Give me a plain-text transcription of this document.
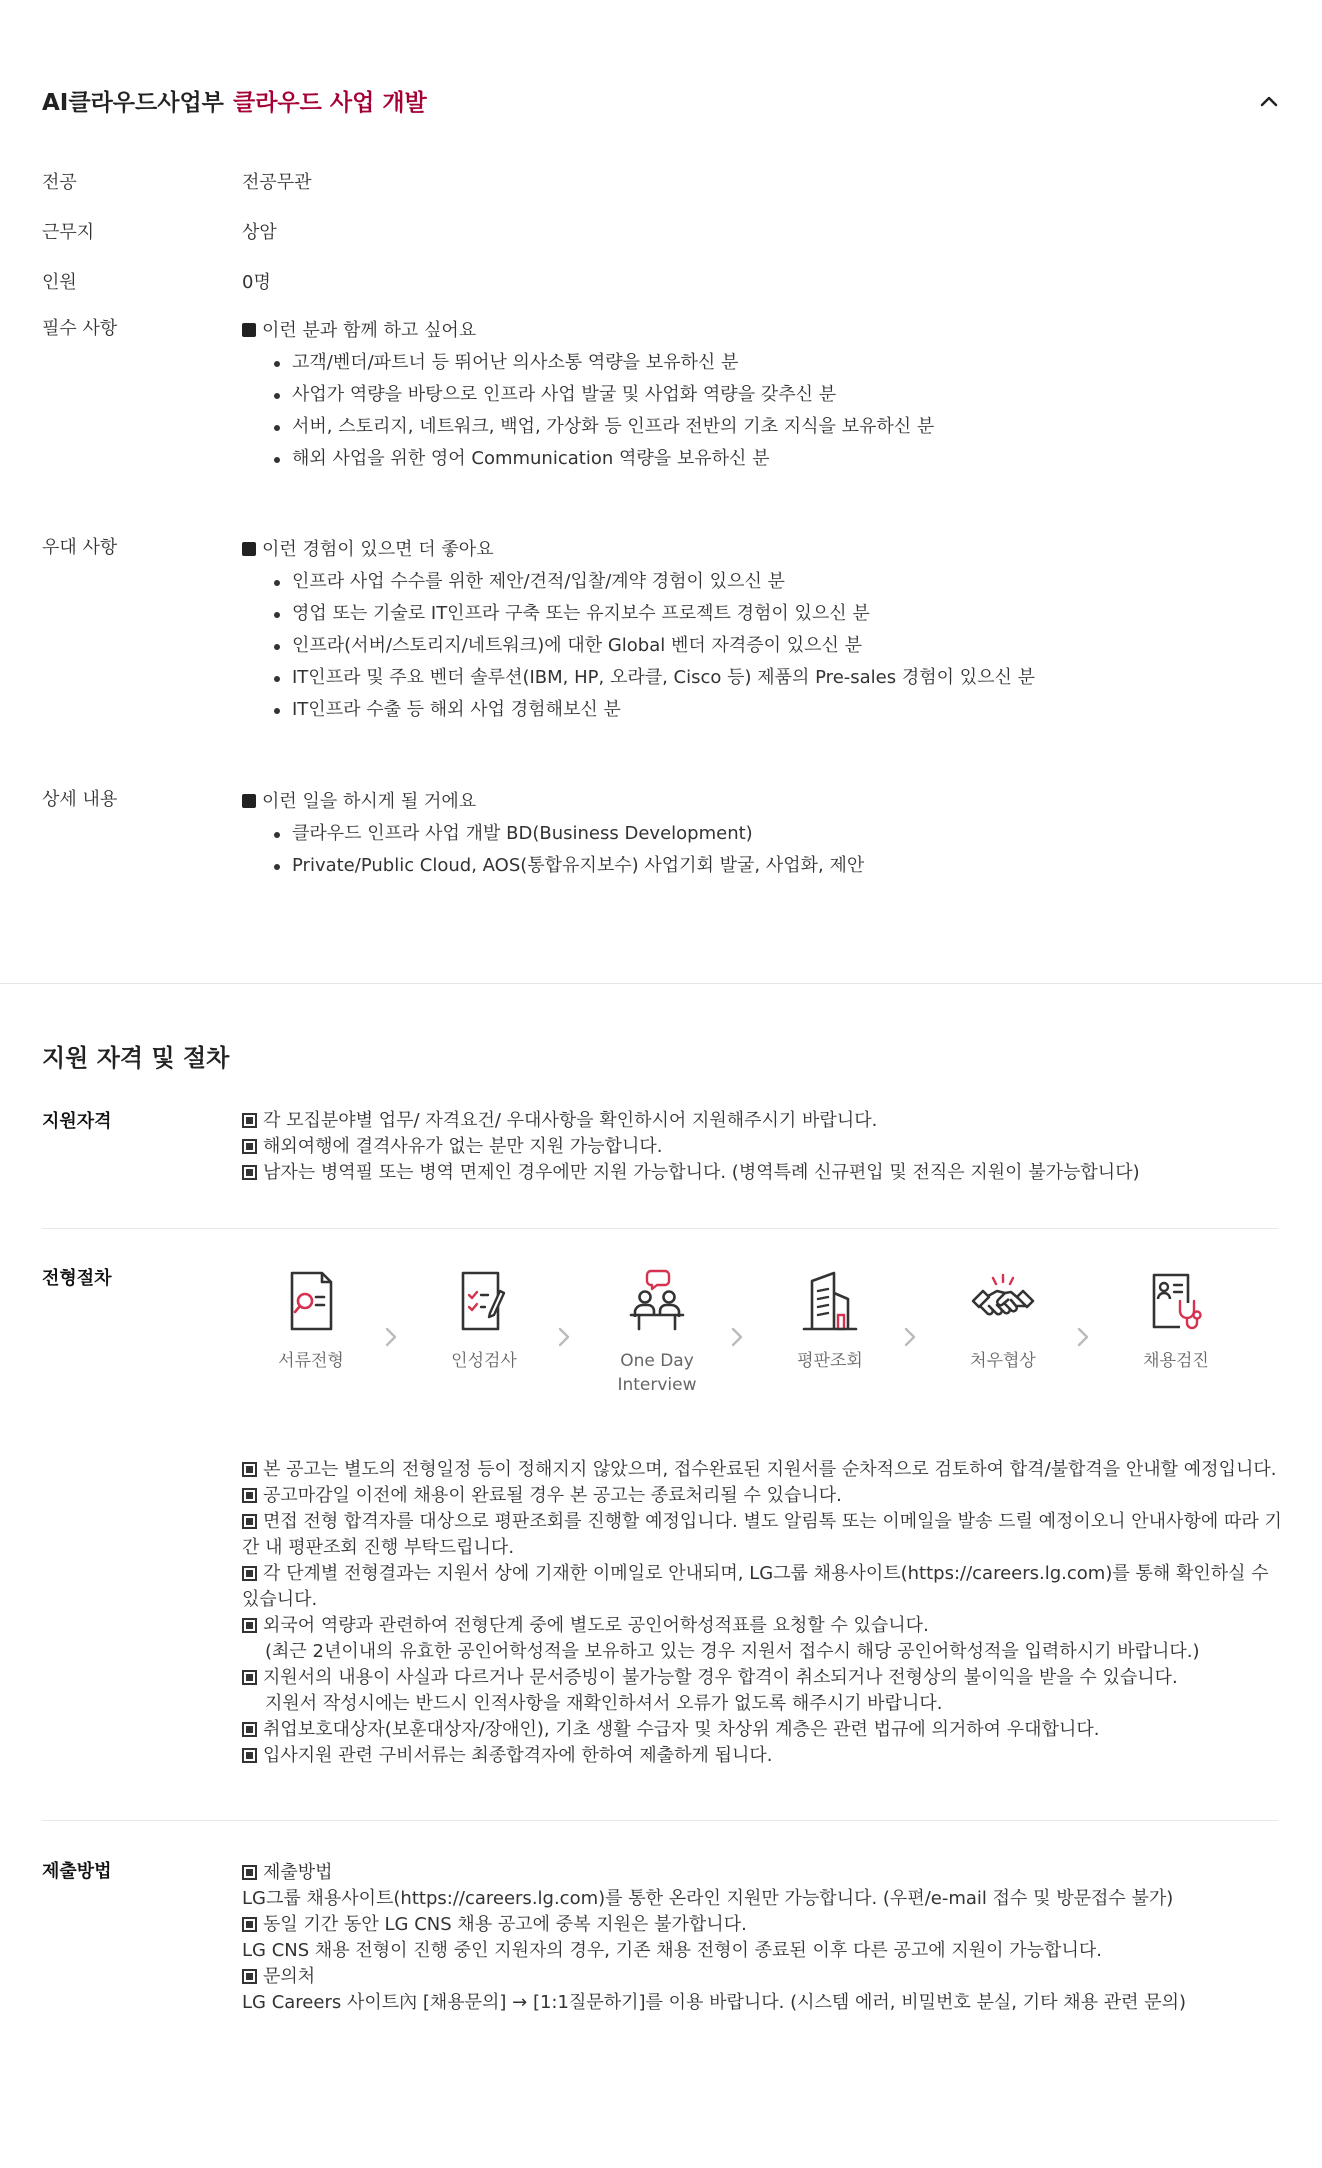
AI클라우드사업부 클라우드 사업 개발
전공	전공무관
근무지	상암
인원	0명
필수 사항	이런 분과 함께 하고 싶어요
고객/벤더/파트너 등 뛰어난 의사소통 역량을 보유하신 분
사업가 역량을 바탕으로 인프라 사업 발굴 및 사업화 역량을 갖추신 분
서버, 스토리지, 네트워크, 백업, 가상화 등 인프라 전반의 기초 지식을 보유하신 분
해외 사업을 위한 영어 Communication 역량을 보유하신 분
우대 사항	이런 경험이 있으면 더 좋아요
인프라 사업 수수를 위한 제안/견적/입찰/계약 경험이 있으신 분
영업 또는 기술로 IT인프라 구축 또는 유지보수 프로젝트 경험이 있으신 분
인프라(서버/스토리지/네트워크)에 대한 Global 벤더 자격증이 있으신 분
IT인프라 및 주요 벤더 솔루션(IBM, HP, 오라클, Cisco 등) 제품의 Pre-sales 경험이 있으신 분
IT인프라 수출 등 해외 사업 경험해보신 분
상세 내용	이런 일을 하시게 될 거에요
클라우드 인프라 사업 개발 BD(Business Development)
Private/Public Cloud, AOS(통합유지보수) 사업기회 발굴, 사업화, 제안
지원 자격 및 절차
지원자격	각 모집분야별 업무/ 자격요건/ 우대사항을 확인하시어 지원해주시기 바랍니다.
해외여행에 결격사유가 없는 분만 지원 가능합니다.
남자는 병역필 또는 병역 면제인 경우에만 지원 가능합니다. (병역특례 신규편입 및 전직은 지원이 불가능합니다)
전형절차
서류전형	인성검사	One Day Interview
평판조회	처우협상	채용검진
본 공고는 별도의 전형일정 등이 정해지지 않았으며, 접수완료된 지원서를 순차적으로 검토하여 합격/불합격을 안내할 예정입니다.
공고마감일 이전에 채용이 완료될 경우 본 공고는 종료처리될 수 있습니다.
면접 전형 합격자를 대상으로 평판조회를 진행할 예정입니다. 별도 알림톡 또는 이메일을 발송 드릴 예정이오니 안내사항에 따라 기간 내 평판조회 진행 부탁드립니다.
각 단계별 전형결과는 지원서 상에 기재한 이메일로 안내되며, LG그룹 채용사이트(https://careers.lg.com)를 통해 확인하실 수 있습니다.
외국어 역량과 관련하여 전형단계 중에 별도로 공인어학성적표를 요청할 수 있습니다.
(최근 2년이내의 유효한 공인어학성적을 보유하고 있는 경우 지원서 접수시 해당 공인어학성적을 입력하시기 바랍니다.)
지원서의 내용이 사실과 다르거나 문서증빙이 불가능할 경우 합격이 취소되거나 전형상의 불이익을 받을 수 있습니다.
지원서 작성시에는 반드시 인적사항을 재확인하셔서 오류가 없도록 해주시기 바랍니다.
취업보호대상자(보훈대상자/장애인), 기초 생활 수급자 및 차상위 계층은 관련 법규에 의거하여 우대합니다.
입사지원 관련 구비서류는 최종합격자에 한하여 제출하게 됩니다.
제출방법	제출방법
LG그룹 채용사이트(https://careers.lg.com)를 통한 온라인 지원만 가능합니다. (우편/e-mail 접수 및 방문접수 불가)
동일 기간 동안 LG CNS 채용 공고에 중복 지원은 불가합니다.
LG CNS 채용 전형이 진행 중인 지원자의 경우, 기존 채용 전형이 종료된 이후 다른 공고에 지원이 가능합니다.
문의처
LG Careers 사이트內 [채용문의] → [1:1질문하기]를 이용 바랍니다. (시스템 에러, 비밀번호 분실, 기타 채용 관련 문의)
